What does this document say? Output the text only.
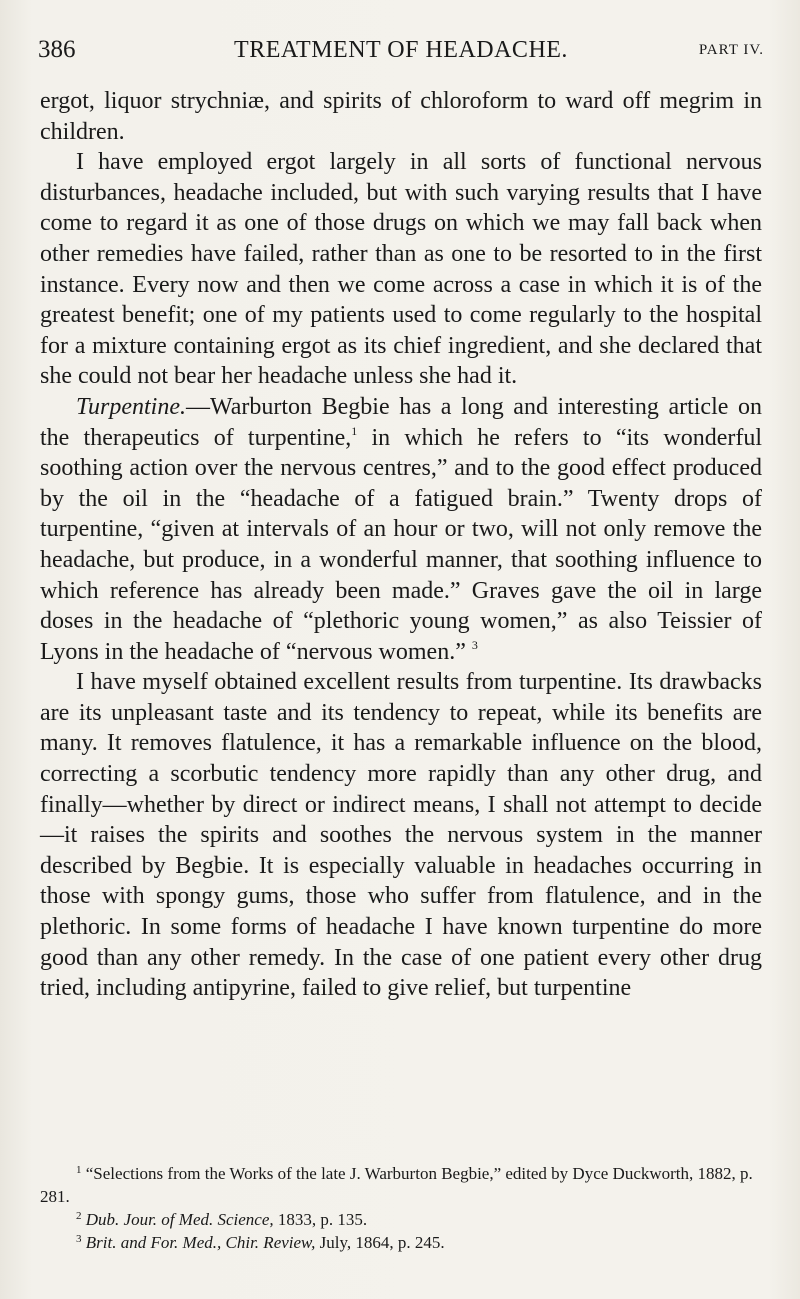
386	TREATMENT OF HEADACHE.	PART IV.

ergot, liquor strychniæ, and spirits of chloroform to ward off megrim in children.

I have employed ergot largely in all sorts of functional nervous disturbances, headache included, but with such varying results that I have come to regard it as one of those drugs on which we may fall back when other remedies have failed, rather than as one to be resorted to in the first instance. Every now and then we come across a case in which it is of the greatest benefit; one of my patients used to come regularly to the hospital for a mixture containing ergot as its chief ingredient, and she declared that she could not bear her headache unless she had it.

Turpentine.—Warburton Begbie has a long and interesting article on the therapeutics of turpentine,$^1$ in which he refers to “its wonderful soothing action over the nervous centres,” and to the good effect produced by the oil in the “headache of a fatigued brain.” Twenty drops of turpentine, “given at intervals of an hour or two, will not only remove the headache, but produce, in a wonderful manner, that soothing influence to which reference has already been made.” Graves gave the oil in large doses in the headache of “plethoric young women,” as also Teissier of Lyons in the headache of “nervous women.” $^3$

I have myself obtained excellent results from turpentine. Its drawbacks are its unpleasant taste and its tendency to repeat, while its benefits are many. It removes flatulence, it has a remarkable influence on the blood, correcting a scorbutic tendency more rapidly than any other drug, and finally—whether by direct or indirect means, I shall not attempt to decide—it raises the spirits and soothes the nervous system in the manner described by Begbie. It is especially valuable in headaches occurring in those with spongy gums, those who suffer from flatulence, and in the plethoric. In some forms of headache I have known turpentine do more good than any other remedy. In the case of one patient every other drug tried, including antipyrine, failed to give relief, but turpentine

$^1$ “Selections from the Works of the late J. Warburton Begbie,” edited by Dyce Duckworth, 1882, p. 281.

$^2$ Dub. Jour. of Med. Science, 1833, p. 135.

$^3$ Brit. and For. Med., Chir. Review, July, 1864, p. 245.
